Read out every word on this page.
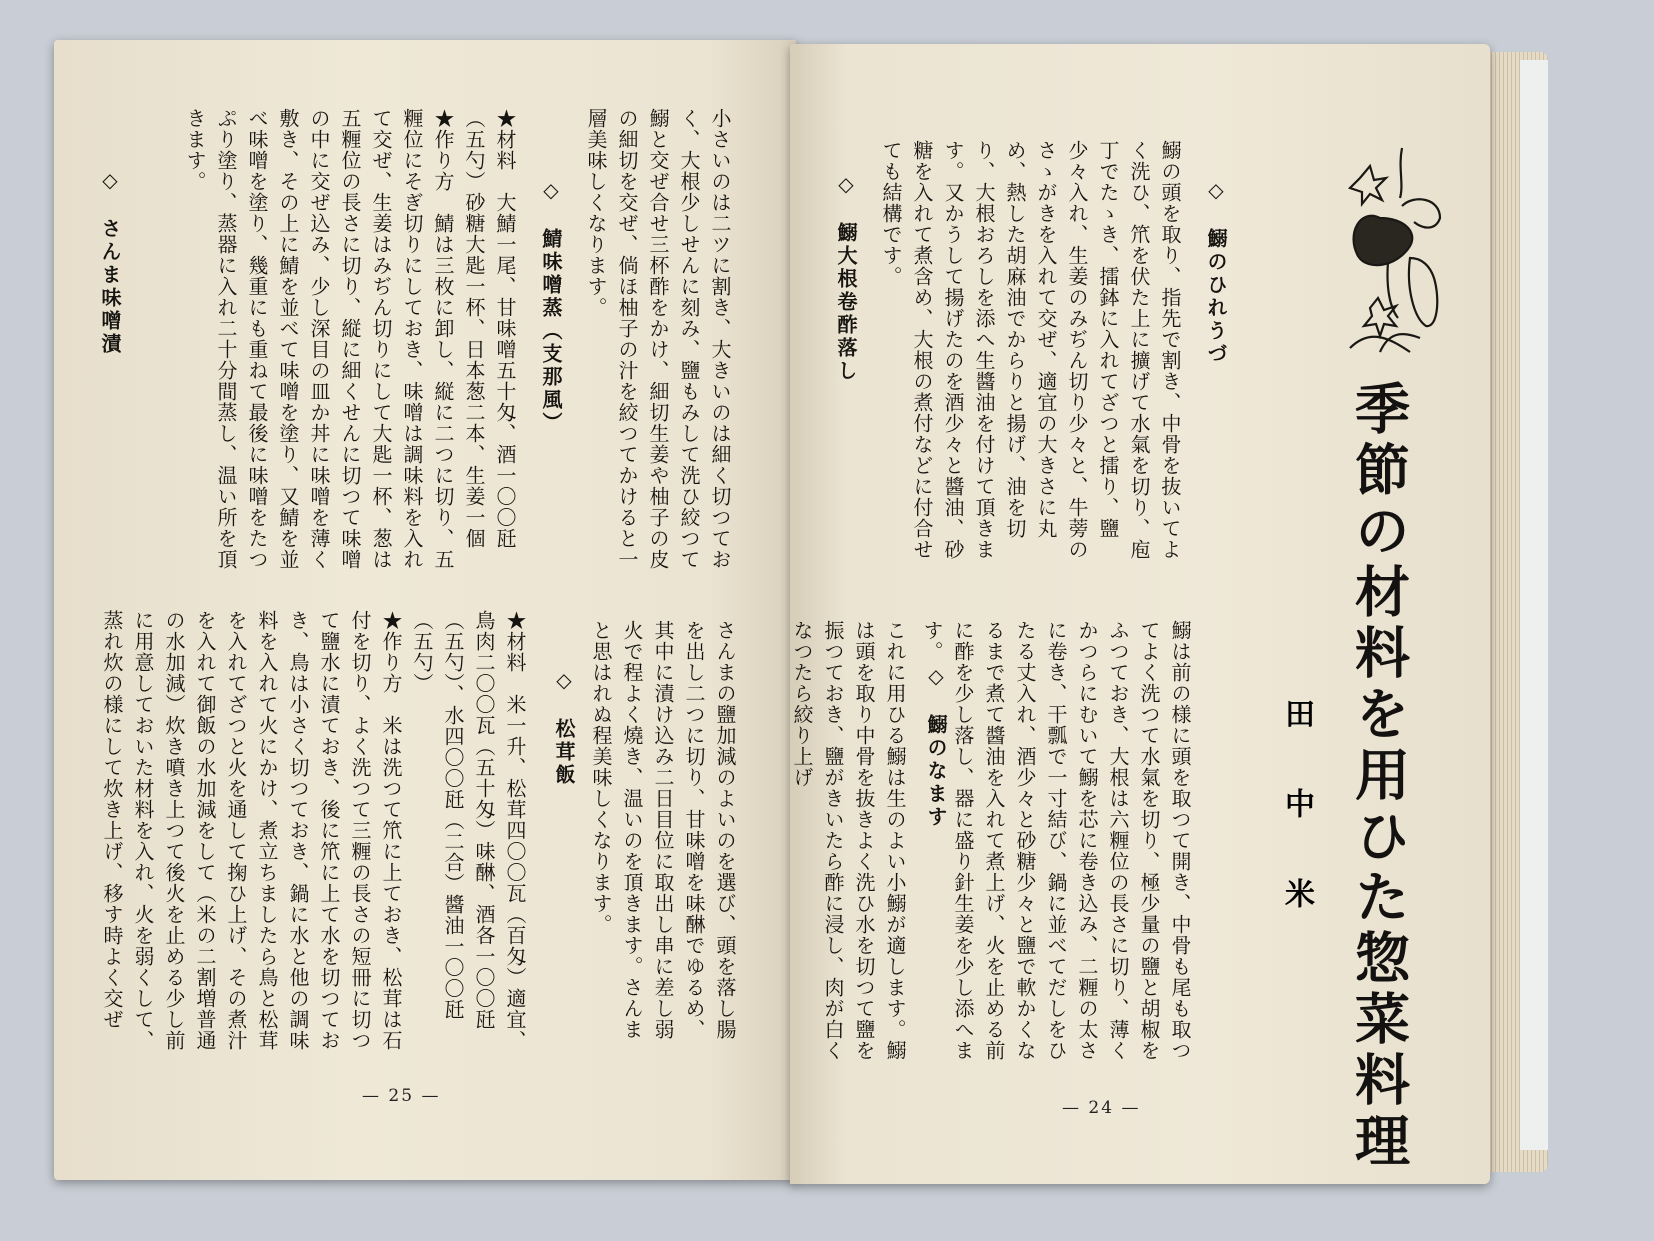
季節の材料を用ひた惣菜料理
田中米
◇　鰯のひれうづ

鰯の頭を取り、指先で割き、中骨を抜いてよく洗ひ、笊を伏た上に擴げて水氣を切り、庖丁でたゝき、擂鉢に入れてざつと擂り、鹽少々入れ、生姜のみぢん切り少々と、牛蒡のさゝがきを入れて交ぜ、適宜の大きさに丸め、熱した胡麻油でからりと揚げ、油を切り、大根おろしを添へ生醬油を付けて頂きます。又かうして揚げたのを酒少々と醬油、砂糖を入れて煮含め、大根の煮付などに付合せても結構です。

◇　鰯大根卷酢落し

鰯は前の様に頭を取つて開き、中骨も尾も取つてよく洗つて水氣を切り、極少量の鹽と胡椒をふつておき、大根は六糎位の長さに切り、薄くかつらにむいて鰯を芯に卷き込み、二糎の太さに卷き、干瓢で一寸結び、鍋に並べてだしをひたる丈入れ、酒少々と砂糖少々と鹽で軟かくなるまで煮て醬油を入れて煮上げ、火を止める前に酢を少し落し、器に盛り針生姜を少し添へます。

◇　鰯のなます

これに用ひる鰯は生のよい小鰯が適します。鰯は頭を取り中骨を抜きよく洗ひ水を切つて鹽を振つておき、鹽がきいたら酢に浸し、肉が白くなつたら絞り上げ

— 24 —

小さいのは二ツに割き、大きいのは細く切つておく、大根少しせんに刻み、鹽もみして洗ひ絞つて鰯と交ぜ合せ三杯酢をかけ、細切生姜や柚子の皮の細切を交ぜ、倘ほ柚子の汁を絞つてかけると一層美味しくなります。

◇　鯖味噌蒸（支那風）

★材料　大鯖一尾、甘味噌五十匁、酒一〇〇瓩（五勺）砂糖大匙一杯、日本葱二本、生姜一個
★作り方　鯖は三枚に卸し、縦に二つに切り、五糎位にそぎ切りにしておき、味噌は調味料を入れて交ぜ、生姜はみぢん切りにして大匙一杯、葱は五糎位の長さに切り、縦に細くせんに切つて味噌の中に交ぜ込み、少し深目の皿か丼に味噌を薄く敷き、その上に鯖を並べて味噌を塗り、又鯖を並べ味噌を塗り、幾重にも重ねて最後に味噌をたつぷり塗り、蒸器に入れ二十分間蒸し、温い所を頂きます。

◇　さんま味噌漬

さんまの鹽加減のよいのを選び、頭を落し腸を出し二つに切り、甘味噌を味醂でゆるめ、其中に漬け込み二日目位に取出し串に差し弱火で程よく燒き、温いのを頂きます。さんまと思はれぬ程美味しくなります。

◇　松茸飯

★材料　米一升、松茸四〇〇瓦（百匁）適宜、鳥肉二〇〇瓦（五十匁）味醂、酒各一〇〇瓩（五勺）、水四〇〇瓩（二合）醬油一〇〇瓩（五勺）
★作り方　米は洗つて笊に上ておき、松茸は石付を切り、よく洗つて三糎の長さの短冊に切つて鹽水に漬ておき、後に笊に上て水を切つておき、鳥は小さく切つておき、鍋に水と他の調味料を入れて火にかけ、煮立ちましたら鳥と松茸を入れてざつと火を通して掬ひ上げ、その煮汁を入れて御飯の水加減をして（米の二割増普通の水加減）炊き噴き上つて後火を止める少し前に用意しておいた材料を入れ、火を弱くして、蒸れ炊の様にして炊き上げ、移す時よく交ぜ

— 25 —
